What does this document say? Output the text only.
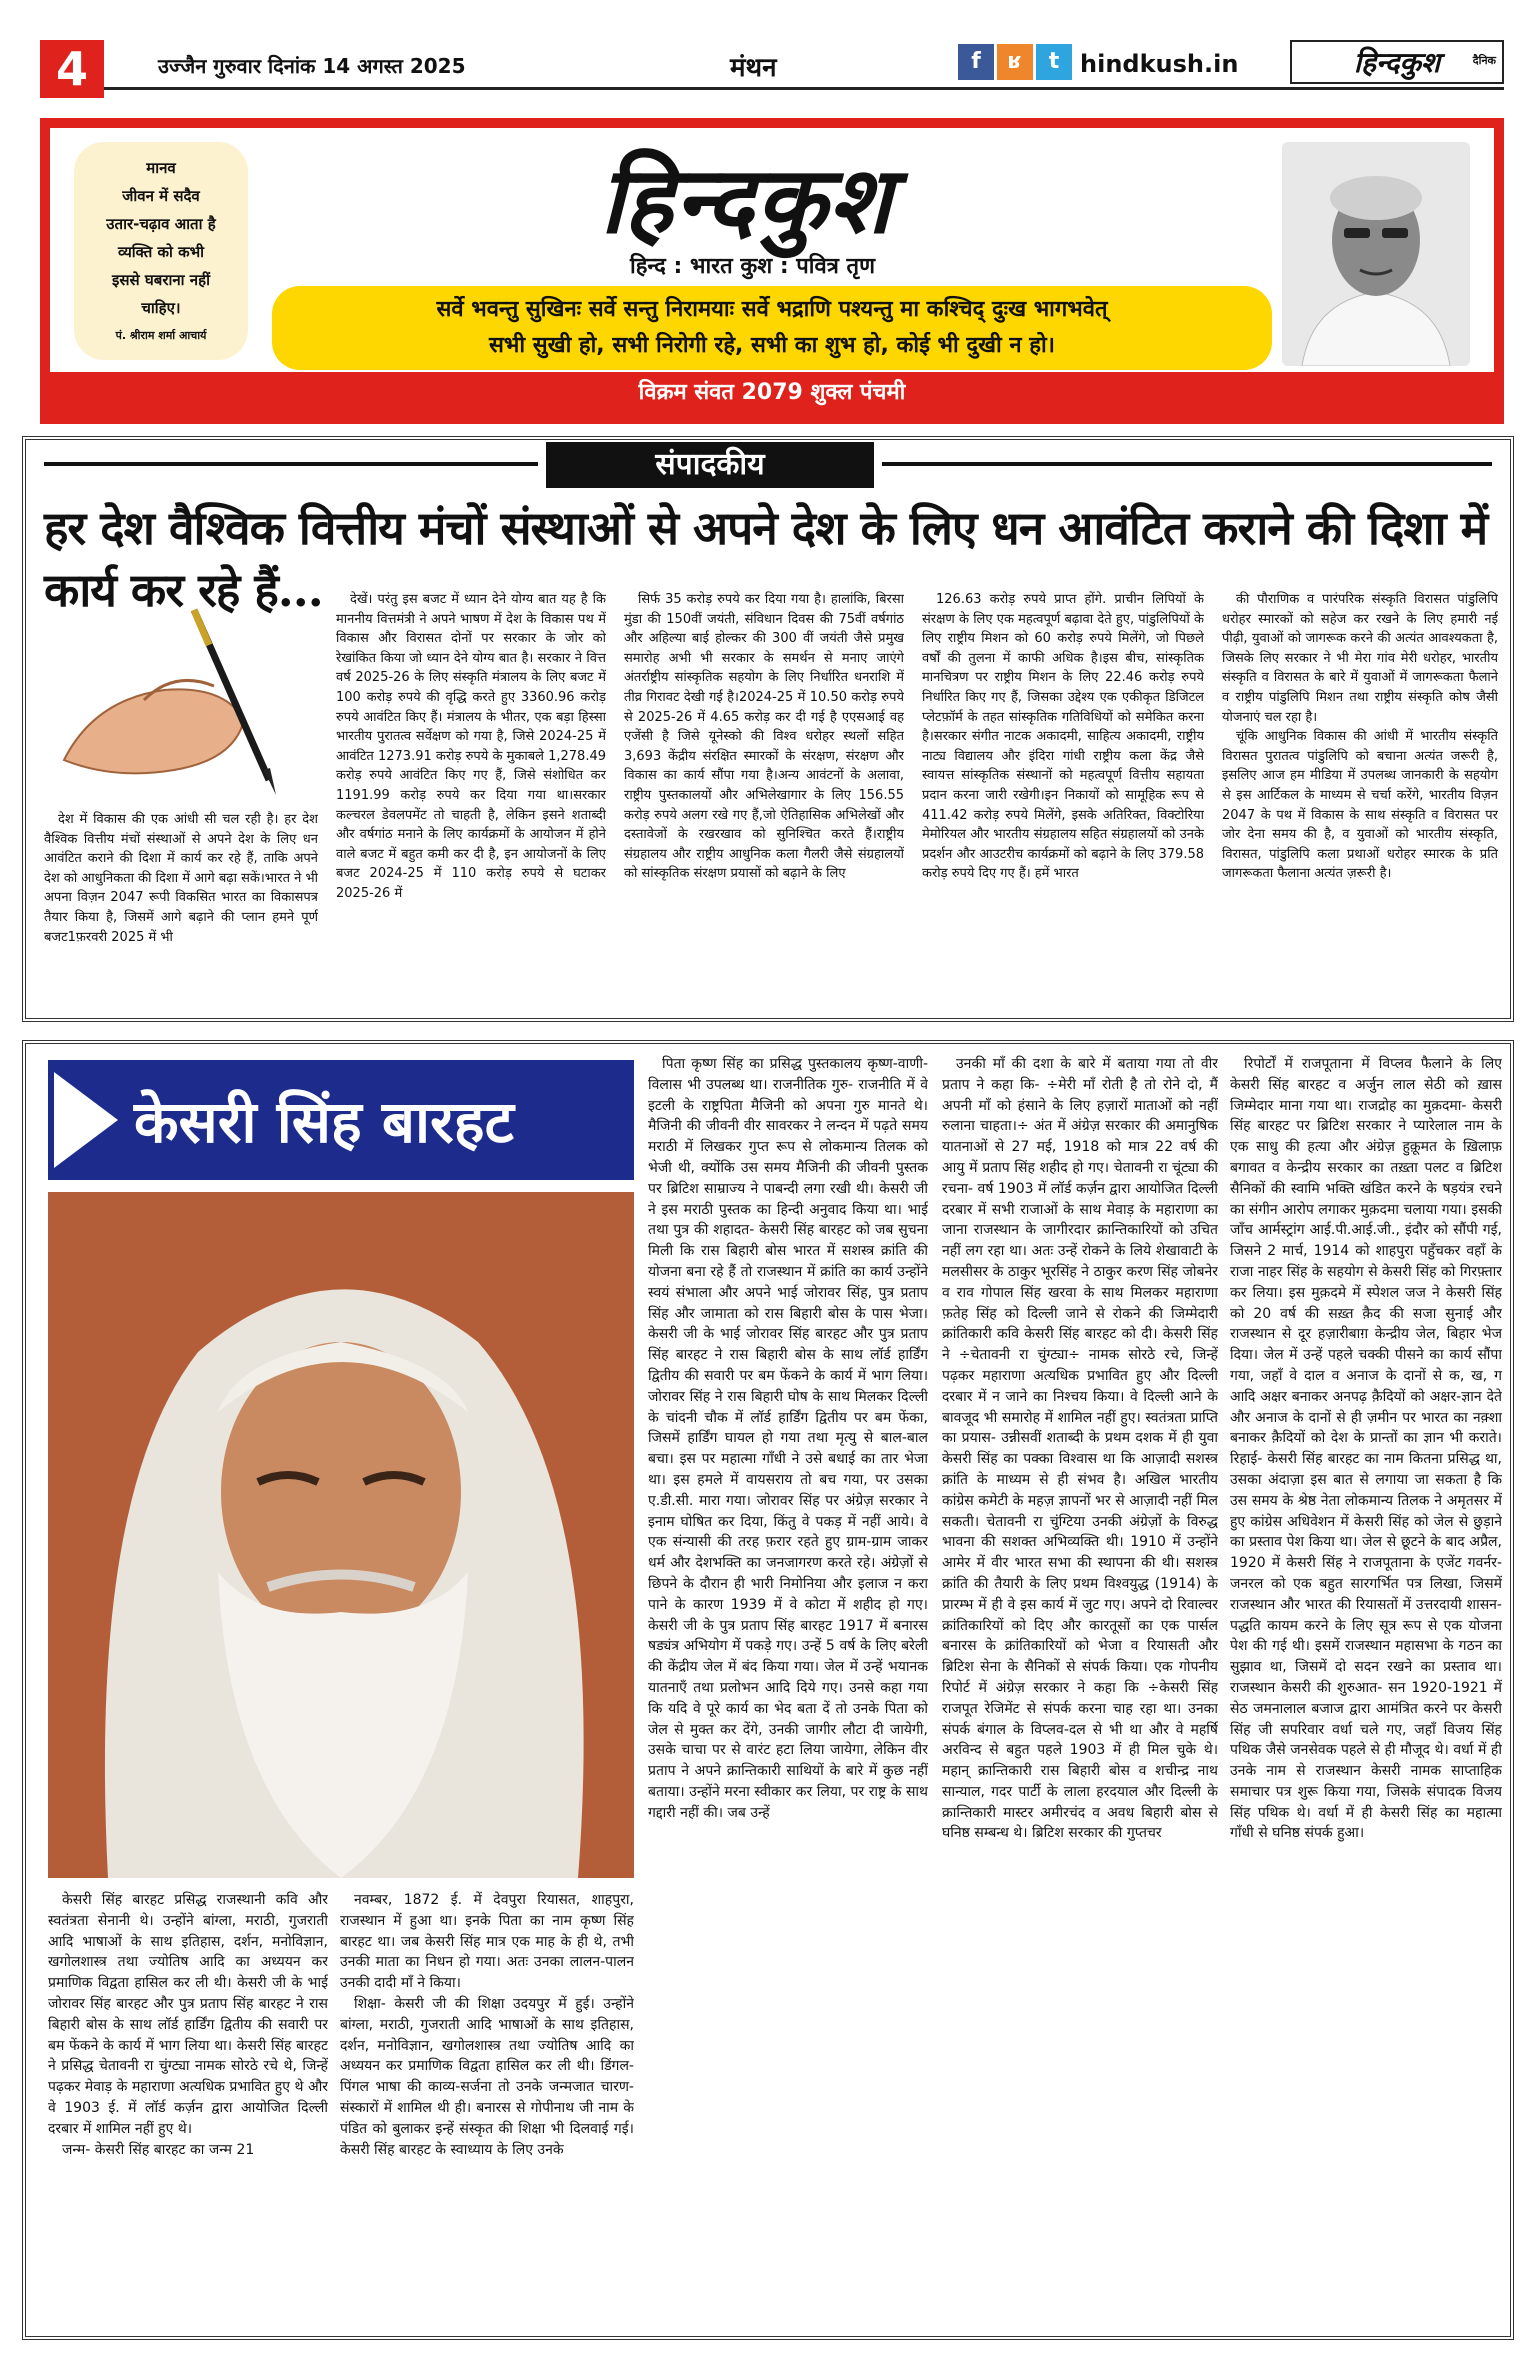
4	उज्जैन गुरुवार दिनांक 14 अगस्त 2025	मंथन	f	ʁ	t hindkush.in	दैनिक
हिन्दकुश
मानव
जीवन में सदैव
उतार-चढ़ाव आता है
व्यक्ति को कभी
इससे घबराना नहीं
चाहिए।
पं. श्रीराम शर्मा आचार्य
हिन्दकुश
हिन्द : भारत कुश : पवित्र तृण
सर्वे भवन्तु सुखिनः सर्वे सन्तु निरामयाः सर्वे भद्राणि पश्यन्तु मा कश्चिद् दुःख भागभवेत्
सभी सुखी हो, सभी निरोगी रहे, सभी का शुभ हो, कोई भी दुखी न हो।
विक्रम संवत 2079 शुक्ल पंचमी
संपादकीय
हर देश वैश्विक वित्तीय मंचों संस्थाओं से अपने देश के लिए धन आवंटित कराने की दिशा में कार्य कर रहे हैं...

देश में विकास की एक आंधी सी चल रही है। हर देश वैश्विक वित्तीय मंचों संस्थाओं से अपने देश के लिए धन आवंटित कराने की दिशा में कार्य कर रहे हैं, ताकि अपने देश को आधुनिकता की दिशा में आगे बढ़ा सकें।भारत ने भी अपना विज़न 2047 रूपी विकसित भारत का विकासपत्र तैयार किया है, जिसमें आगे बढ़ाने की प्लान हमने पूर्ण बजट1फ़रवरी 2025 में भी

देखें। परंतु इस बजट में ध्यान देने योग्य बात यह है कि माननीय वित्तमंत्री ने अपने भाषण में देश के विकास पथ में विकास और विरासत दोनों पर सरकार के जोर को रेखांकित किया जो ध्यान देने योग्य बात है। सरकार ने वित्त वर्ष 2025-26 के लिए संस्कृति मंत्रालय के लिए बजट में 100 करोड़ रुपये की वृद्धि करते हुए 3360.96 करोड़ रुपये आवंटित किए हैं। मंत्रालय के भीतर, एक बड़ा हिस्सा भारतीय पुरातत्व सर्वेक्षण को गया है, जिसे 2024-25 में आवंटित 1273.91 करोड़ रुपये के मुकाबले 1,278.49 करोड़ रुपये आवंटित किए गए हैं, जिसे संशोधित कर 1191.99 करोड़ रुपये कर दिया गया था।सरकार कल्चरल डेवलपमेंट तो चाहती है, लेकिन इसने शताब्दी और वर्षगांठ मनाने के लिए कार्यक्रमों के आयोजन में होने वाले बजट में बहुत कमी कर दी है, इन आयोजनों के लिए बजट 2024-25 में 110 करोड़ रुपये से घटाकर 2025-26 में

सिर्फ 35 करोड़ रुपये कर दिया गया है। हालांकि, बिरसा मुंडा की 150वीं जयंती, संविधान दिवस की 75वीं वर्षगांठ और अहिल्या बाई होल्कर की 300 वीं जयंती जैसे प्रमुख समारोह अभी भी सरकार के समर्थन से मनाए जाएंगे अंतर्राष्ट्रीय सांस्कृतिक सहयोग के लिए निर्धारित धनराशि में तीव्र गिरावट देखी गई है।2024-25 में 10.50 करोड़ रुपये से 2025-26 में 4.65 करोड़ कर दी गई है एएसआई वह एजेंसी है जिसे यूनेस्को की विश्व धरोहर स्थलों सहित 3,693 केंद्रीय संरक्षित स्मारकों के संरक्षण, संरक्षण और विकास का कार्य सौंपा गया है।अन्य आवंटनों के अलावा, राष्ट्रीय पुस्तकालयों और अभिलेखागार के लिए 156.55 करोड़ रुपये अलग रखे गए हैं,जो ऐतिहासिक अभिलेखों और दस्तावेजों के रखरखाव को सुनिश्चित करते हैं।राष्ट्रीय संग्रहालय और राष्ट्रीय आधुनिक कला गैलरी जैसे संग्रहालयों को सांस्कृतिक संरक्षण प्रयासों को बढ़ाने के लिए

126.63 करोड़ रुपये प्राप्त होंगे. प्राचीन लिपियों के संरक्षण के लिए एक महत्वपूर्ण बढ़ावा देते हुए, पांडुलिपियों के लिए राष्ट्रीय मिशन को 60 करोड़ रुपये मिलेंगे, जो पिछले वर्षों की तुलना में काफी अधिक है।इस बीच, सांस्कृतिक मानचित्रण पर राष्ट्रीय मिशन के लिए 22.46 करोड़ रुपये निर्धारित किए गए हैं, जिसका उद्देश्य एक एकीकृत डिजिटल प्लेटफ़ॉर्म के तहत सांस्कृतिक गतिविधियों को समेकित करना है।सरकार संगीत नाटक अकादमी, साहित्य अकादमी, राष्ट्रीय नाट्य विद्यालय और इंदिरा गांधी राष्ट्रीय कला केंद्र जैसे स्वायत्त सांस्कृतिक संस्थानों को महत्वपूर्ण वित्तीय सहायता प्रदान करना जारी रखेगी।इन निकायों को सामूहिक रूप से 411.42 करोड़ रुपये मिलेंगे, इसके अतिरिक्त, विक्टोरिया मेमोरियल और भारतीय संग्रहालय सहित संग्रहालयों को उनके प्रदर्शन और आउटरीच कार्यक्रमों को बढ़ाने के लिए 379.58 करोड़ रुपये दिए गए हैं। हमें भारत

की पौराणिक व पारंपरिक संस्कृति विरासत पांडुलिपि धरोहर स्मारकों को सहेज कर रखने के लिए हमारी नई पीढ़ी, युवाओं को जागरूक करने की अत्यंत आवश्यकता है, जिसके लिए सरकार ने भी मेरा गांव मेरी धरोहर, भारतीय संस्कृति व विरासत के बारे में युवाओं में जागरूकता फैलाने व राष्ट्रीय पांडुलिपि मिशन तथा राष्ट्रीय संस्कृति कोष जैसी योजनाएं चल रहा है।

चूंकि आधुनिक विकास की आंधी में भारतीय संस्कृति विरासत पुरातत्व पांडुलिपि को बचाना अत्यंत जरूरी है, इसलिए आज हम मीडिया में उपलब्ध जानकारी के सहयोग से इस आर्टिकल के माध्यम से चर्चा करेंगे, भारतीय विज़न 2047 के पथ में विकास के साथ संस्कृति व विरासत पर जोर देना समय की है, व युवाओं को भारतीय संस्कृति, विरासत, पांडुलिपि कला प्रथाओं धरोहर स्मारक के प्रति जागरूकता फैलाना अत्यंत ज़रूरी है।

केसरी सिंह बारहट

केसरी सिंह बारहट प्रसिद्ध राजस्थानी कवि और स्वतंत्रता सेनानी थे। उन्होंने बांग्ला, मराठी, गुजराती आदि भाषाओं के साथ इतिहास, दर्शन, मनोविज्ञान, खगोलशास्त्र तथा ज्योतिष आदि का अध्ययन कर प्रमाणिक विद्वता हासिल कर ली थी। केसरी जी के भाई जोरावर सिंह बारहट और पुत्र प्रताप सिंह बारहट ने रास बिहारी बोस के साथ लॉर्ड हार्डिंग द्वितीय की सवारी पर बम फेंकने के कार्य में भाग लिया था। केसरी सिंह बारहट ने प्रसिद्ध चेतावनी रा चुंग्ट्या नामक सोरठे रचे थे, जिन्हें पढ़कर मेवाड़ के महाराणा अत्यधिक प्रभावित हुए थे और वे 1903 ई. में लॉर्ड कर्ज़न द्वारा आयोजित दिल्ली दरबार में शामिल नहीं हुए थे।

जन्म- केसरी सिंह बारहट का जन्म 21

नवम्बर, 1872 ई. में देवपुरा रियासत, शाहपुरा, राजस्थान में हुआ था। इनके पिता का नाम कृष्ण सिंह बारहट था। जब केसरी सिंह मात्र एक माह के ही थे, तभी उनकी माता का निधन हो गया। अतः उनका लालन-पालन उनकी दादी माँ ने किया।

शिक्षा- केसरी जी की शिक्षा उदयपुर में हुई। उन्होंने बांग्ला, मराठी, गुजराती आदि भाषाओं के साथ इतिहास, दर्शन, मनोविज्ञान, खगोलशास्त्र तथा ज्योतिष आदि का अध्ययन कर प्रमाणिक विद्वता हासिल कर ली थी। डिंगल-पिंगल भाषा की काव्य-सर्जना तो उनके जन्मजात चारण-संस्कारों में शामिल थी ही। बनारस से गोपीनाथ जी नाम के पंडित को बुलाकर इन्हें संस्कृत की शिक्षा भी दिलवाई गई। केसरी सिंह बारहट के स्वाध्याय के लिए उनके

पिता कृष्ण सिंह का प्रसिद्ध पुस्तकालय कृष्ण-वाणी-विलास भी उपलब्ध था। राजनीतिक गुरु- राजनीति में वे इटली के राष्ट्रपिता मैजिनी को अपना गुरु मानते थे। मैजिनी की जीवनी वीर सावरकर ने लन्दन में पढ़ते समय मराठी में लिखकर गुप्त रूप से लोकमान्य तिलक को भेजी थी, क्योंकि उस समय मैजिनी की जीवनी पुस्तक पर ब्रिटिश साम्राज्य ने पाबन्दी लगा रखी थी। केसरी जी ने इस मराठी पुस्तक का हिन्दी अनुवाद किया था। भाई तथा पुत्र की शहादत- केसरी सिंह बारहट को जब सुचना मिली कि रास बिहारी बोस भारत में सशस्त्र क्रांति की योजना बना रहे हैं तो राजस्थान में क्रांति का कार्य उन्होंने स्वयं संभाला और अपने भाई जोरावर सिंह, पुत्र प्रताप सिंह और जामाता को रास बिहारी बोस के पास भेजा। केसरी जी के भाई जोरावर सिंह बारहट और पुत्र प्रताप सिंह बारहट ने रास बिहारी बोस के साथ लॉर्ड हार्डिंग द्वितीय की सवारी पर बम फेंकने के कार्य में भाग लिया। जोरावर सिंह ने रास बिहारी घोष के साथ मिलकर दिल्ली के चांदनी चौक में लॉर्ड हार्डिंग द्वितीय पर बम फेंका, जिसमें हार्डिंग घायल हो गया तथा मृत्यु से बाल-बाल बचा। इस पर महात्मा गाँधी ने उसे बधाई का तार भेजा था। इस हमले में वायसराय तो बच गया, पर उसका ए.डी.सी. मारा गया। जोरावर सिंह पर अंग्रेज़ सरकार ने इनाम घोषित कर दिया, किंतु वे पकड़ में नहीं आये। वे एक संन्यासी की तरह फ़रार रहते हुए ग्राम-ग्राम जाकर धर्म और देशभक्ति का जनजागरण करते रहे। अंग्रेज़ों से छिपने के दौरान ही भारी निमोनिया और इलाज न करा पाने के कारण 1939 में वे कोटा में शहीद हो गए। केसरी जी के पुत्र प्रताप सिंह बारहट 1917 में बनारस षड्यंत्र अभियोग में पकड़े गए। उन्हें 5 वर्ष के लिए बरेली की केंद्रीय जेल में बंद किया गया। जेल में उन्हें भयानक यातनाएँ तथा प्रलोभन आदि दिये गए। उनसे कहा गया कि यदि वे पूरे कार्य का भेद बता दें तो उनके पिता को जेल से मुक्त कर देंगे, उनकी जागीर लौटा दी जायेगी, उसके चाचा पर से वारंट हटा लिया जायेगा, लेकिन वीर प्रताप ने अपने क्रान्तिकारी साथियों के बारे में कुछ नहीं बताया। उन्होंने मरना स्वीकार कर लिया, पर राष्ट्र के साथ गद्दारी नहीं की। जब उन्हें

उनकी माँ की दशा के बारे में बताया गया तो वीर प्रताप ने कहा कि- ÷मेरी माँ रोती है तो रोने दो, मैं अपनी माँ को हंसाने के लिए हज़ारों माताओं को नहीं रुलाना चाहता।÷ अंत में अंग्रेज़ सरकार की अमानुषिक यातनाओं से 27 मई, 1918 को मात्र 22 वर्ष की आयु में प्रताप सिंह शहीद हो गए। चेतावनी रा चूंट्या की रचना- वर्ष 1903 में लॉर्ड कर्ज़न द्वारा आयोजित दिल्ली दरबार में सभी राजाओं के साथ मेवाड़ के महाराणा का जाना राजस्थान के जागीरदार क्रान्तिकारियों को उचित नहीं लग रहा था। अतः उन्हें रोकने के लिये शेखावाटी के मलसीसर के ठाकुर भूरसिंह ने ठाकुर करण सिंह जोबनेर व राव गोपाल सिंह खरवा के साथ मिलकर महाराणा फ़तेह सिंह को दिल्ली जाने से रोकने की जिम्मेदारी क्रांतिकारी कवि केसरी सिंह बारहट को दी। केसरी सिंह ने ÷चेतावनी रा चुंग्ट्या÷ नामक सोरठे रचे, जिन्हें पढ़कर महाराणा अत्यधिक प्रभावित हुए और दिल्ली दरबार में न जाने का निश्चय किया। वे दिल्ली आने के बावजूद भी समारोह में शामिल नहीं हुए। स्वतंत्रता प्राप्ति का प्रयास- उन्नीसवीं शताब्दी के प्रथम दशक में ही युवा केसरी सिंह का पक्का विश्वास था कि आज़ादी सशस्त्र क्रांति के माध्यम से ही संभव है। अखिल भारतीय कांग्रेस कमेटी के महज़ ज्ञापनों भर से आज़ादी नहीं मिल सकती। चेतावनी रा चुंग्टिया उनकी अंग्रेज़ों के विरुद्ध भावना की सशक्त अभिव्यक्ति थी। 1910 में उन्होंने आमेर में वीर भारत सभा की स्थापना की थी। सशस्त्र क्रांति की तैयारी के लिए प्रथम विश्वयुद्ध (1914) के प्रारम्भ में ही वे इस कार्य में जुट गए। अपने दो रिवाल्वर क्रांतिकारियों को दिए और कारतूसों का एक पार्सल बनारस के क्रांतिकारियों को भेजा व रियासती और ब्रिटिश सेना के सैनिकों से संपर्क किया। एक गोपनीय रिपोर्ट में अंग्रेज़ सरकार ने कहा कि ÷केसरी सिंह राजपूत रेजिमेंट से संपर्क करना चाह रहा था। उनका संपर्क बंगाल के विप्लव-दल से भी था और वे महर्षि अरविन्द से बहुत पहले 1903 में ही मिल चुके थे। महान् क्रान्तिकारी रास बिहारी बोस व शचीन्द्र नाथ सान्याल, गदर पार्टी के लाला हरदयाल और दिल्ली के क्रान्तिकारी मास्टर अमीरचंद व अवध बिहारी बोस से घनिष्ठ सम्बन्ध थे। ब्रिटिश सरकार की गुप्तचर

रिपोर्टों में राजपूताना में विप्लव फैलाने के लिए केसरी सिंह बारहट व अर्जुन लाल सेठी को ख़ास जिम्मेदार माना गया था। राजद्रोह का मुक़दमा- केसरी सिंह बारहट पर ब्रिटिश सरकार ने प्यारेलाल नाम के एक साधु की हत्या और अंग्रेज़ हुक़ूमत के ख़िलाफ़ बगावत व केन्द्रीय सरकार का तख़्ता पलट व ब्रिटिश सैनिकों की स्वामि भक्ति खंडित करने के षड़यंत्र रचने का संगीन आरोप लगाकर मुक़दमा चलाया गया। इसकी जाँच आर्मस्ट्रांग आई.पी.आई.जी., इंदौर को सौंपी गई, जिसने 2 मार्च, 1914 को शाहपुरा पहुँचकर वहाँ के राजा नाहर सिंह के सहयोग से केसरी सिंह को गिरफ़्तार कर लिया। इस मुक़दमे में स्पेशल जज ने केसरी सिंह को 20 वर्ष की सख़्त क़ैद की सजा सुनाई और राजस्थान से दूर हज़ारीबाग़ केन्द्रीय जेल, बिहार भेज दिया। जेल में उन्हें पहले चक्की पीसने का कार्य सौंपा गया, जहाँ वे दाल व अनाज के दानों से क, ख, ग आदि अक्षर बनाकर अनपढ़ क़ैदियों को अक्षर-ज्ञान देते और अनाज के दानों से ही ज़मीन पर भारत का नक़्शा बनाकर क़ैदियों को देश के प्रान्तों का ज्ञान भी कराते। रिहाई- केसरी सिंह बारहट का नाम कितना प्रसिद्ध था, उसका अंदाज़ा इस बात से लगाया जा सकता है कि उस समय के श्रेष्ठ नेता लोकमान्य तिलक ने अमृतसर में हुए कांग्रेस अधिवेशन में केसरी सिंह को जेल से छुड़ाने का प्रस्ताव पेश किया था। जेल से छूटने के बाद अप्रैल, 1920 में केसरी सिंह ने राजपूताना के एजेंट गवर्नर-जनरल को एक बहुत सारगर्भित पत्र लिखा, जिसमें राजस्थान और भारत की रियासतों में उत्तरदायी शासन-पद्धति कायम करने के लिए सूत्र रूप से एक योजना पेश की गई थी। इसमें राजस्थान महासभा के गठन का सुझाव था, जिसमें दो सदन रखने का प्रस्ताव था। राजस्थान केसरी की शुरुआत- सन 1920-1921 में सेठ जमनालाल बजाज द्वारा आमंत्रित करने पर केसरी सिंह जी सपरिवार वर्धा चले गए, जहाँ विजय सिंह पथिक जैसे जनसेवक पहले से ही मौजूद थे। वर्धा में ही उनके नाम से राजस्थान केसरी नामक साप्ताहिक समाचार पत्र शुरू किया गया, जिसके संपादक विजय सिंह पथिक थे। वर्धा में ही केसरी सिंह का महात्मा गाँधी से घनिष्ठ संपर्क हुआ।
